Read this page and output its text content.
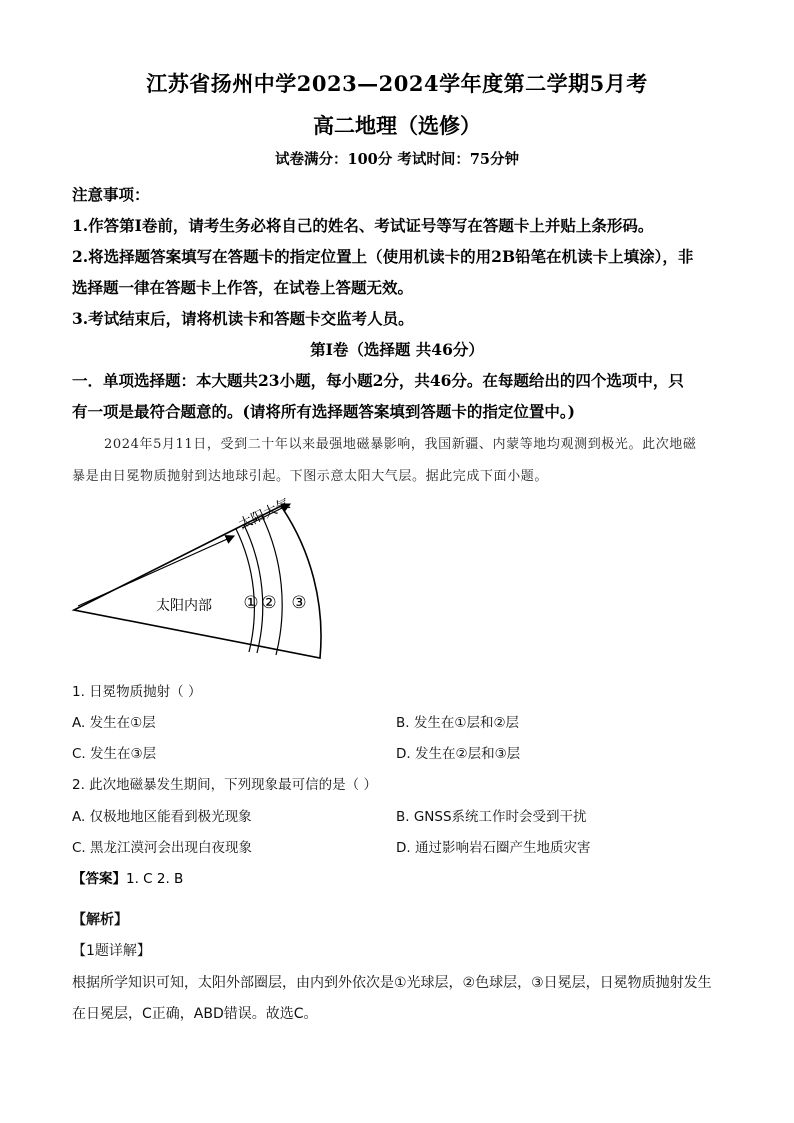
江苏省扬州中学2023—2024学年度第二学期5月考
高二地理（选修）
试卷满分：100分 考试时间：75分钟
注意事项：
1.作答第Ⅰ卷前，请考生务必将自己的姓名、考试证号等写在答题卡上并贴上条形码。
2.将选择题答案填写在答题卡的指定位置上（使用机读卡的用2B铅笔在机读卡上填涂），非
选择题一律在答题卡上作答，在试卷上答题无效。
3.考试结束后，请将机读卡和答题卡交监考人员。
第Ⅰ卷（选择题 共46分）
一．单项选择题：本大题共23小题，每小题2分，共46分。在每题给出的四个选项中，只
有一项是最符合题意的。(请将所有选择题答案填到答题卡的指定位置中。)
2024年5月11日，受到二十年以来最强地磁暴影响，我国新疆、内蒙等地均观测到极光。此次地磁
暴是由日冕物质抛射到达地球引起。下图示意太阳大气层。据此完成下面小题。
太阳大气
太阳内部 ① ② ③
1. 日冕物质抛射（ ）
A. 发生在①层	B. 发生在①层和②层
C. 发生在③层	D. 发生在②层和③层
2. 此次地磁暴发生期间，下列现象最可信的是（ ）
A. 仅极地地区能看到极光现象	B. GNSS系统工作时会受到干扰
C. 黑龙江漠河会出现白夜现象	D. 通过影响岩石圈产生地质灾害
【答案】1. C 2. B
【解析】
【1题详解】
根据所学知识可知，太阳外部圈层，由内到外依次是①光球层，②色球层，③日冕层，日冕物质抛射发生
在日冕层，C正确，ABD错误。故选C。
